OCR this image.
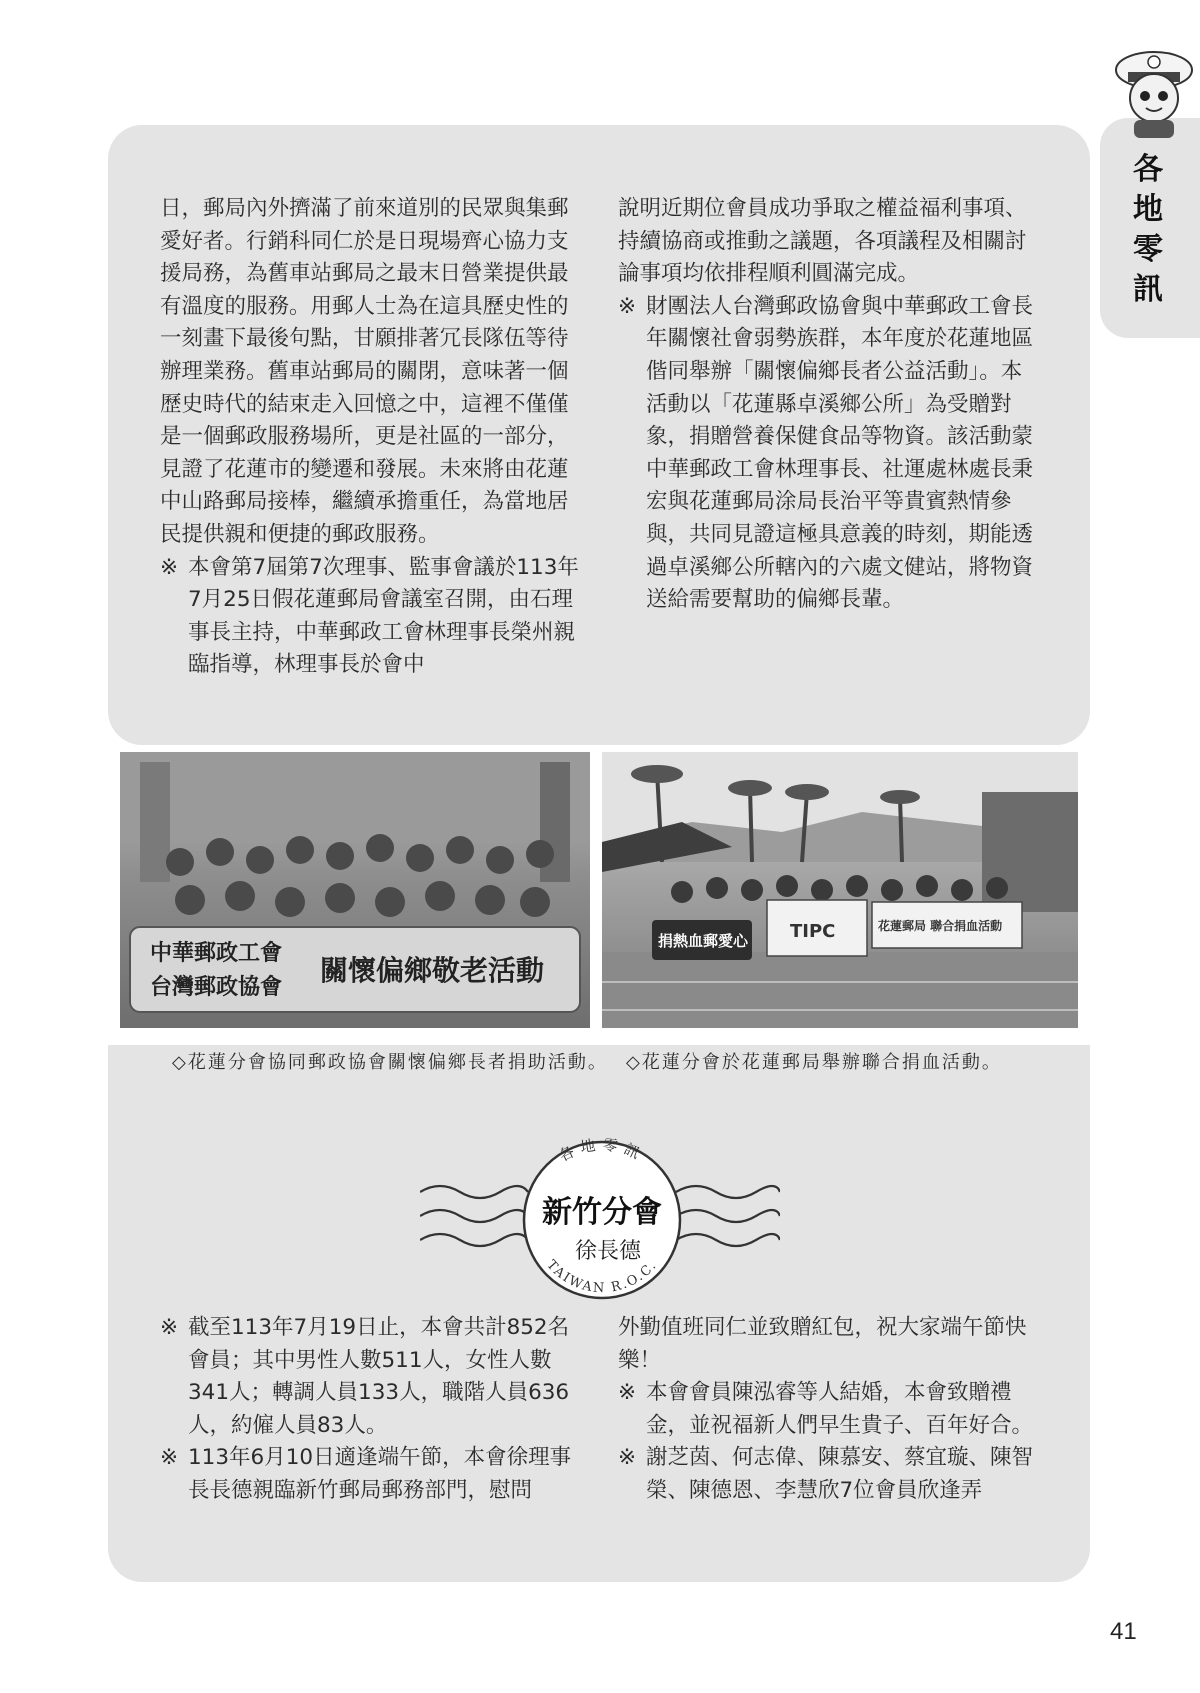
各地零訊

日，郵局內外擠滿了前來道別的民眾與集郵愛好者。行銷科同仁於是日現場齊心協力支援局務，為舊車站郵局之最末日營業提供最有溫度的服務。用郵人士為在這具歷史性的一刻畫下最後句點，甘願排著冗長隊伍等待辦理業務。舊車站郵局的關閉，意味著一個歷史時代的結束走入回憶之中，這裡不僅僅是一個郵政服務場所，更是社區的一部分，見證了花蓮市的變遷和發展。未來將由花蓮中山路郵局接棒，繼續承擔重任，為當地居民提供親和便捷的郵政服務。

※ 本會第7屆第7次理事、監事會議於113年7月25日假花蓮郵局會議室召開，由石理事長主持，中華郵政工會林理事長榮州親臨指導，林理事長於會中

說明近期位會員成功爭取之權益福利事項、持續協商或推動之議題，各項議程及相關討論事項均依排程順利圓滿完成。

※ 財團法人台灣郵政協會與中華郵政工會長年關懷社會弱勢族群，本年度於花蓮地區偕同舉辦「關懷偏鄉長者公益活動」。本活動以「花蓮縣卓溪鄉公所」為受贈對象，捐贈營養保健食品等物資。該活動蒙中華郵政工會林理事長、社運處林處長秉宏與花蓮郵局涂局長治平等貴賓熱情參與，共同見證這極具意義的時刻，期能透過卓溪鄉公所轄內的六處文健站，將物資送給需要幫助的偏鄉長輩。

中華郵政工會
台灣郵政協會 關懷偏鄉敬老活動
捐熱血郵愛心 TIPC	花蓮郵局 聯合捐血活動
◇花蓮分會協同郵政協會關懷偏鄉長者捐助活動。	◇花蓮分會於花蓮郵局舉辦聯合捐血活動。
各地零訊
新竹分會
徐長德
TAIWAN R.O.C.

※ 截至113年7月19日止，本會共計852名會員；其中男性人數511人，女性人數341人；轉調人員133人，職階人員636人，約僱人員83人。

※ 113年6月10日適逢端午節，本會徐理事長長德親臨新竹郵局郵務部門，慰問

外勤值班同仁並致贈紅包，祝大家端午節快樂！

※ 本會會員陳泓睿等人結婚，本會致贈禮金，並祝福新人們早生貴子、百年好合。

※ 謝芝茵、何志偉、陳慕安、蔡宜璇、陳智榮、陳德恩、李慧欣7位會員欣逢弄

41
